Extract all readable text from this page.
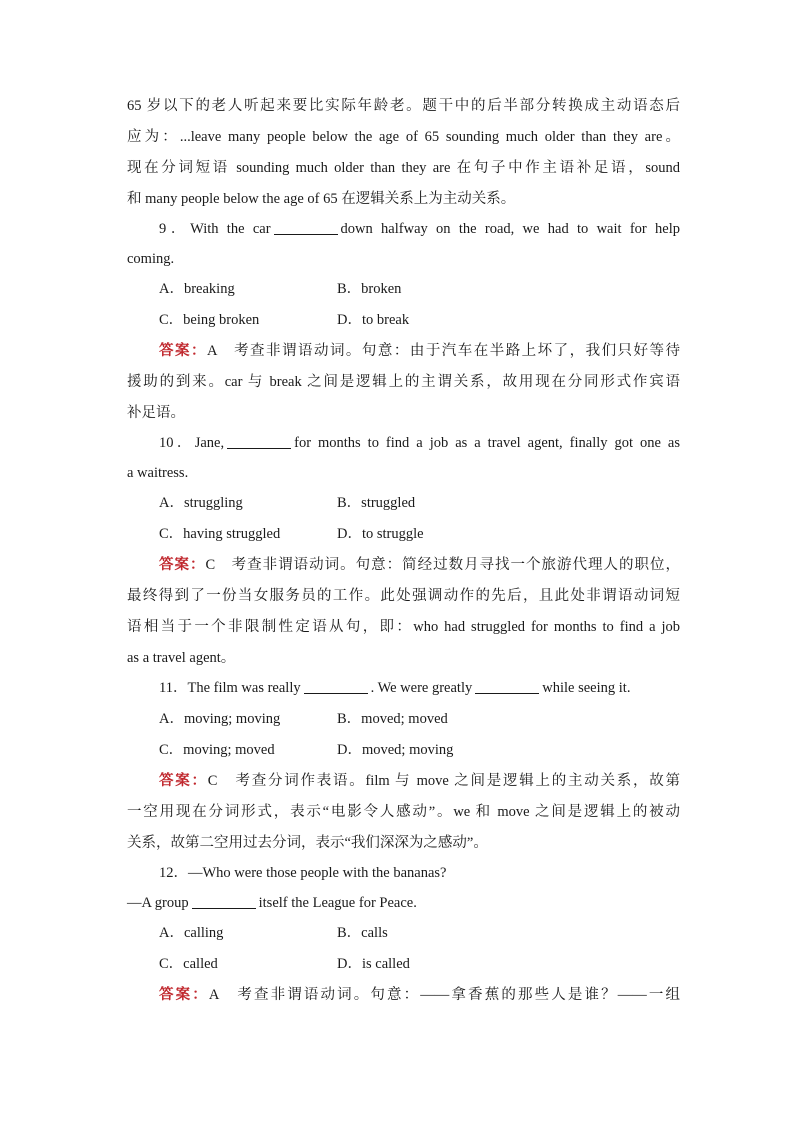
65 岁以下的老人听起来要比实际年龄老。题干中的后半部分转换成主动语态后
应为：...leave many people below the age of 65 sounding much older than they are。
现在分词短语 sounding much older than they are 在句子中作主语补足语，sound
和 many people below the age of 65 在逻辑关系上为主动关系。
9．With the car	down halfway on the road, we had to wait for help
coming.
A．breaking	B．broken
C．being broken	D．to break
答案：A　考查非谓语动词。句意：由于汽车在半路上坏了，我们只好等待
援助的到来。car 与 break 之间是逻辑上的主谓关系，故用现在分同形式作宾语
补足语。
10．Jane,	for months to find a job as a travel agent, finally got one as
a waitress.
A．struggling	B．struggled
C．having struggled	D．to struggle
答案：C　考查非谓语动词。句意：简经过数月寻找一个旅游代理人的职位，
最终得到了一份当女服务员的工作。此处强调动作的先后，且此处非谓语动词短
语相当于一个非限制性定语从句，即：who had struggled for months to find a job
as a travel agent。
11．The film was really	. We were greatly	while seeing it.
A．moving; moving	B．moved; moved
C．moving; moved	D．moved; moving
答案：C　考查分词作表语。film 与 move 之间是逻辑上的主动关系，故第
一空用现在分词形式，表示“电影令人感动”。we 和 move 之间是逻辑上的被动
关系，故第二空用过去分词，表示“我们深深为之感动”。
12．—Who were those people with the bananas?
—A group	itself the League for Peace.
A．calling	B．calls
C．called	D．is called
答案：A　考查非谓语动词。句意：——拿香蕉的那些人是谁？——一组
